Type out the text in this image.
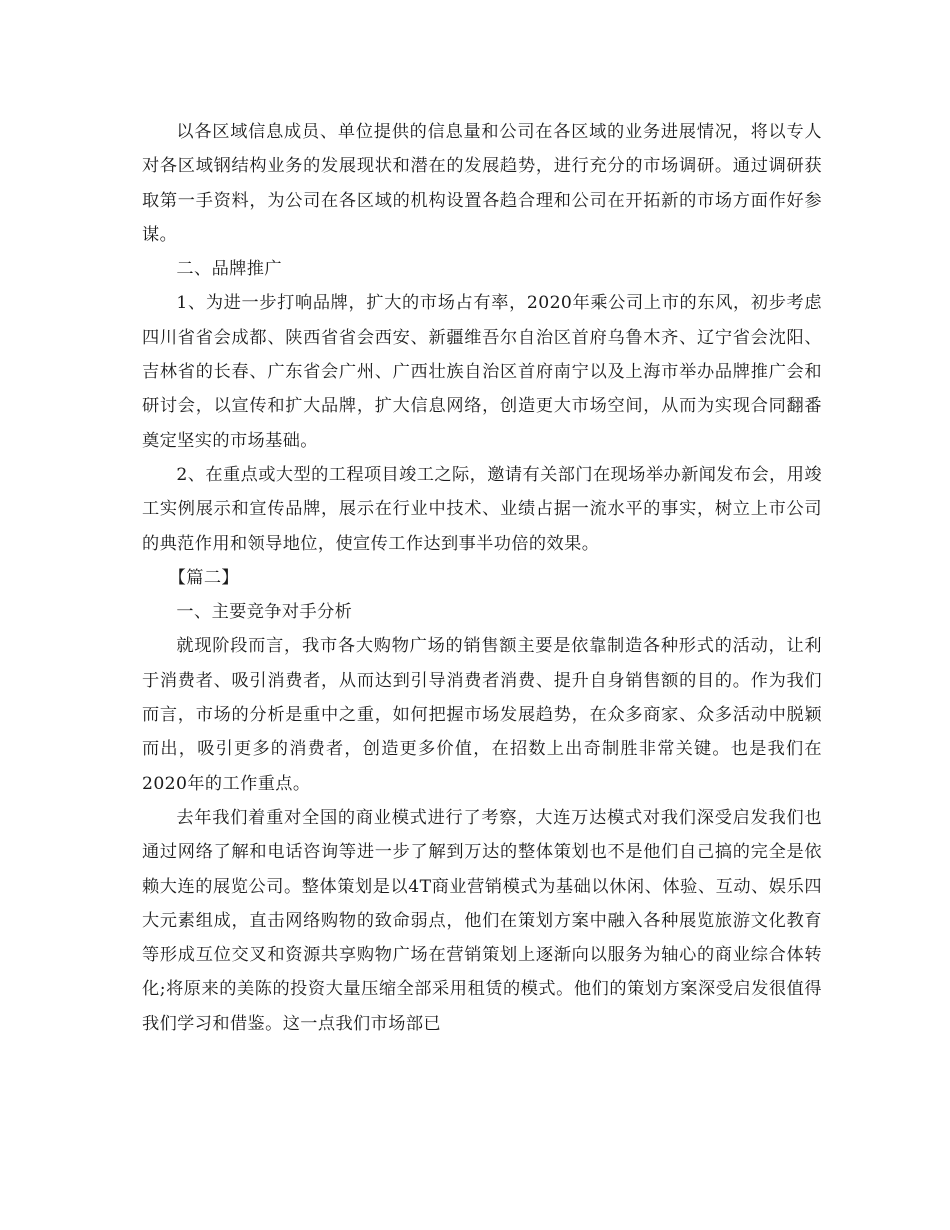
以各区域信息成员、单位提供的信息量和公司在各区域的业务进展情况，将以专人对各区域钢结构业务的发展现状和潜在的发展趋势，进行充分的市场调研。通过调研获取第一手资料，为公司在各区域的机构设置各趋合理和公司在开拓新的市场方面作好参谋。

二、品牌推广

1、为进一步打响品牌，扩大的市场占有率，2020年乘公司上市的东风，初步考虑四川省省会成都、陕西省省会西安、新疆维吾尔自治区首府乌鲁木齐、辽宁省会沈阳、吉林省的长春、广东省会广州、广西壮族自治区首府南宁以及上海市举办品牌推广会和研讨会，以宣传和扩大品牌，扩大信息网络，创造更大市场空间，从而为实现合同翻番奠定坚实的市场基础。

2、在重点或大型的工程项目竣工之际，邀请有关部门在现场举办新闻发布会，用竣工实例展示和宣传品牌，展示在行业中技术、业绩占据一流水平的事实，树立上市公司的典范作用和领导地位，使宣传工作达到事半功倍的效果。

【篇二】

一、主要竞争对手分析

就现阶段而言，我市各大购物广场的销售额主要是依靠制造各种形式的活动，让利于消费者、吸引消费者，从而达到引导消费者消费、提升自身销售额的目的。作为我们而言，市场的分析是重中之重，如何把握市场发展趋势，在众多商家、众多活动中脱颖而出，吸引更多的消费者，创造更多价值，在招数上出奇制胜非常关键。也是我们在2020年的工作重点。

去年我们着重对全国的商业模式进行了考察，大连万达模式对我们深受启发我们也通过网络了解和电话咨询等进一步了解到万达的整体策划也不是他们自己搞的完全是依赖大连的展览公司。整体策划是以4T商业营销模式为基础以休闲、体验、互动、娱乐四大元素组成，直击网络购物的致命弱点，他们在策划方案中融入各种展览旅游文化教育等形成互位交叉和资源共享购物广场在营销策划上逐渐向以服务为轴心的商业综合体转化;将原来的美陈的投资大量压缩全部采用租赁的模式。他们的策划方案深受启发很值得我们学习和借鉴。这一点我们市场部已
